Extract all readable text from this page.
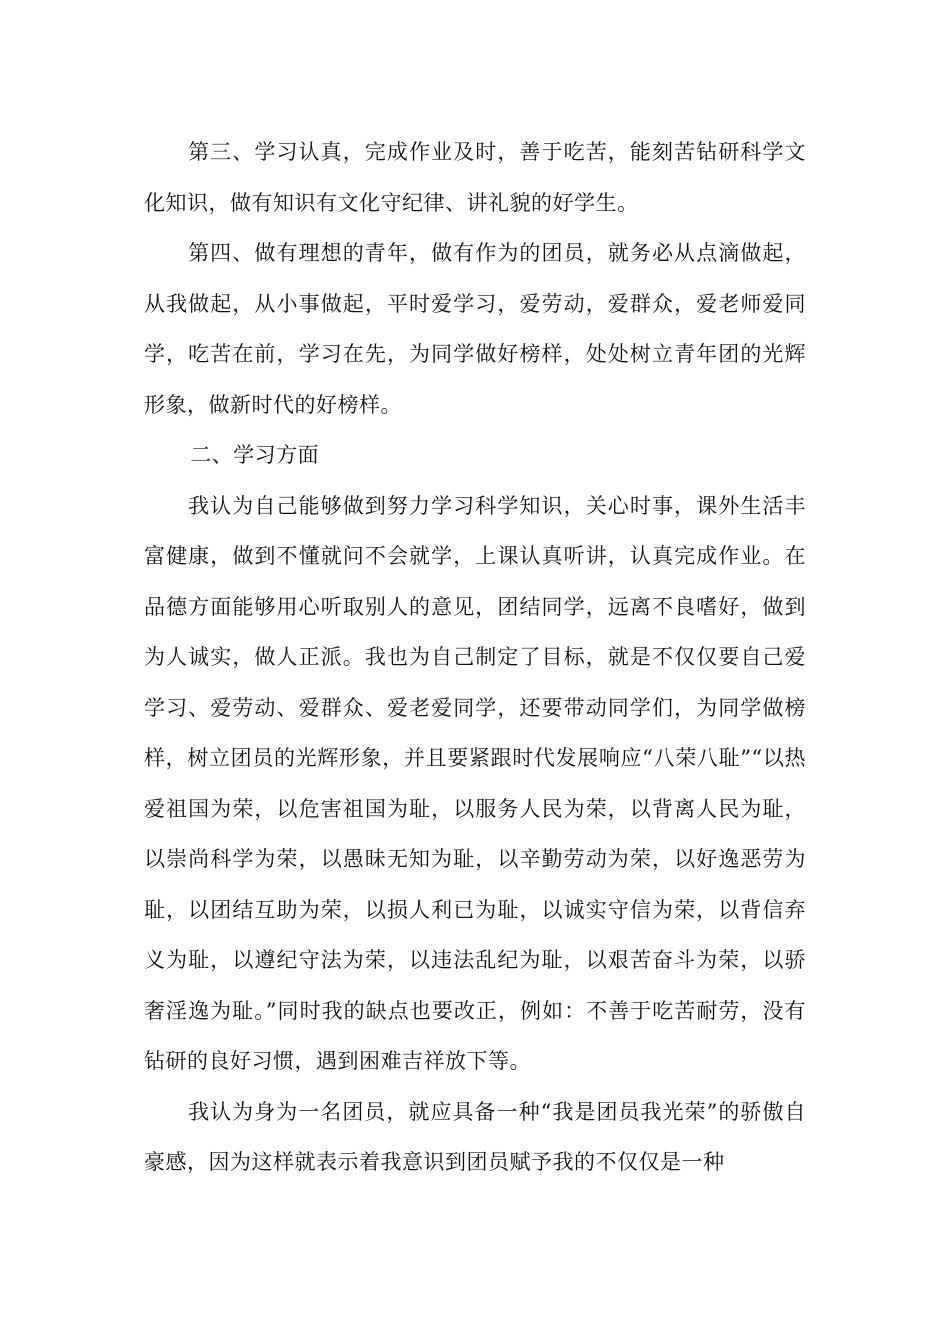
第三、学习认真，完成作业及时，善于吃苦，能刻苦钻研科学文化知识，做有知识有文化守纪律、讲礼貌的好学生。

第四、做有理想的青年，做有作为的团员，就务必从点滴做起，从我做起，从小事做起，平时爱学习，爱劳动，爱群众，爱老师爱同学，吃苦在前，学习在先，为同学做好榜样，处处树立青年团的光辉形象，做新时代的好榜样。

二、学习方面

我认为自己能够做到努力学习科学知识，关心时事，课外生活丰富健康，做到不懂就问不会就学，上课认真听讲，认真完成作业。在品德方面能够用心听取别人的意见，团结同学，远离不良嗜好，做到为人诚实，做人正派。我也为自己制定了目标，就是不仅仅要自己爱学习、爱劳动、爱群众、爱老爱同学，还要带动同学们，为同学做榜样，树立团员的光辉形象，并且要紧跟时代发展响应“八荣八耻”“以热爱祖国为荣，以危害祖国为耻，以服务人民为荣，以背离人民为耻，以崇尚科学为荣，以愚昧无知为耻，以辛勤劳动为荣，以好逸恶劳为耻，以团结互助为荣，以损人利已为耻，以诚实守信为荣，以背信弃义为耻，以遵纪守法为荣，以违法乱纪为耻，以艰苦奋斗为荣，以骄奢淫逸为耻。”同时我的缺点也要改正，例如：不善于吃苦耐劳，没有钻研的良好习惯，遇到困难吉祥放下等。

我认为身为一名团员，就应具备一种“我是团员我光荣”的骄傲自豪感，因为这样就表示着我意识到团员赋予我的不仅仅是一种
